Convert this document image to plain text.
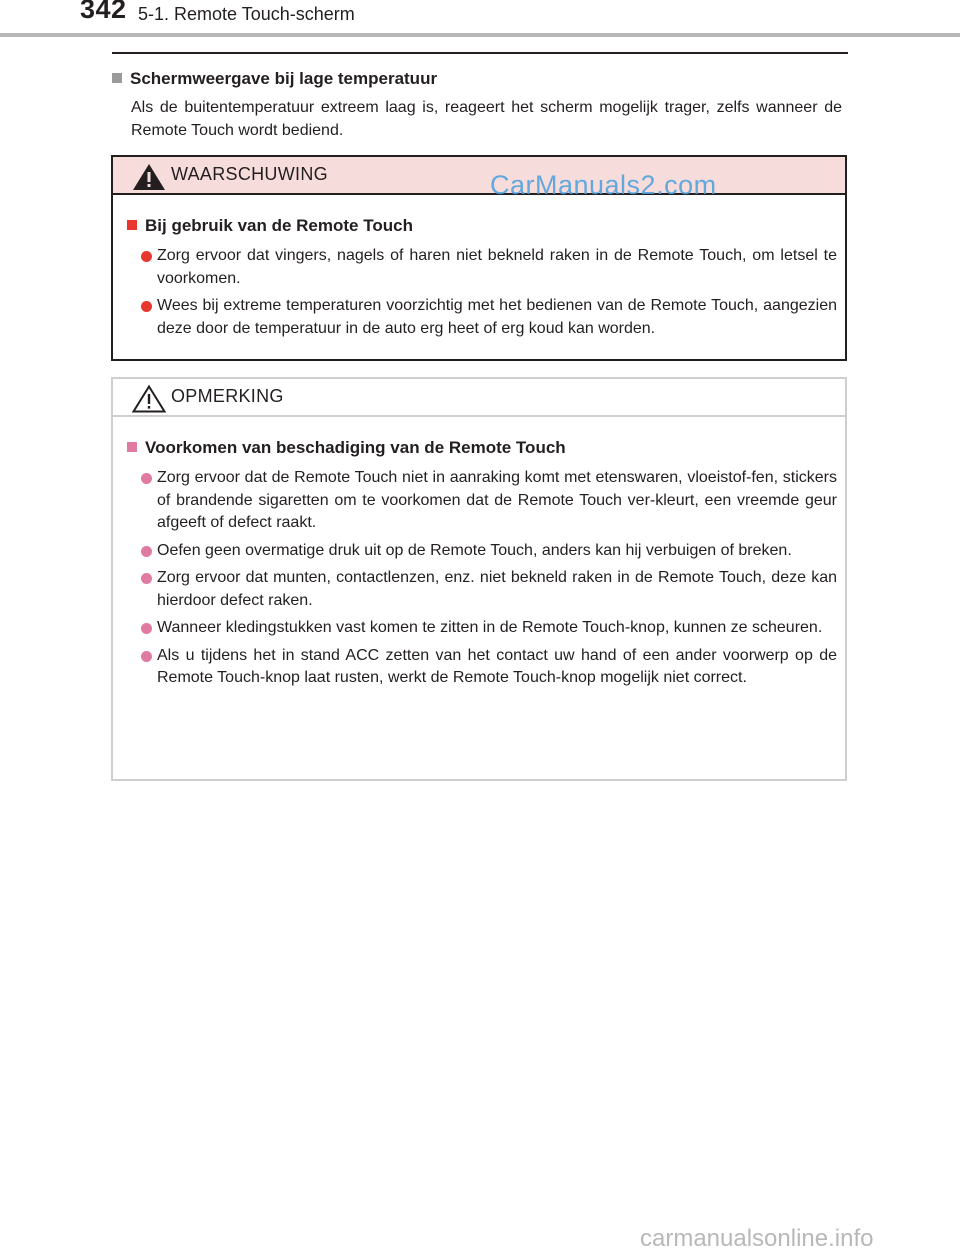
342 5-1. Remote Touch-scherm

Schermweergave bij lage temperatuur

Als de buitentemperatuur extreem laag is, reageert het scherm mogelijk trager, zelfs wanneer de Remote Touch wordt bediend.

WAARSCHUWING

Bij gebruik van de Remote Touch

Zorg ervoor dat vingers, nagels of haren niet bekneld raken in de Remote Touch, om letsel te voorkomen.
Wees bij extreme temperaturen voorzichtig met het bedienen van de Remote Touch, aangezien deze door de temperatuur in de auto erg heet of erg koud kan worden.
OPMERKING

Voorkomen van beschadiging van de Remote Touch

Zorg ervoor dat de Remote Touch niet in aanraking komt met etenswaren, vloeistof-fen, stickers of brandende sigaretten om te voorkomen dat de Remote Touch ver-kleurt, een vreemde geur afgeeft of defect raakt.
Oefen geen overmatige druk uit op de Remote Touch, anders kan hij verbuigen of breken.
Zorg ervoor dat munten, contactlenzen, enz. niet bekneld raken in de Remote Touch, deze kan hierdoor defect raken.
Wanneer kledingstukken vast komen te zitten in de Remote Touch-knop, kunnen ze scheuren.
Als u tijdens het in stand ACC zetten van het contact uw hand of een ander voorwerp op de Remote Touch-knop laat rusten, werkt de Remote Touch-knop mogelijk niet correct.
CarManuals2.com
carmanualsonline.info
